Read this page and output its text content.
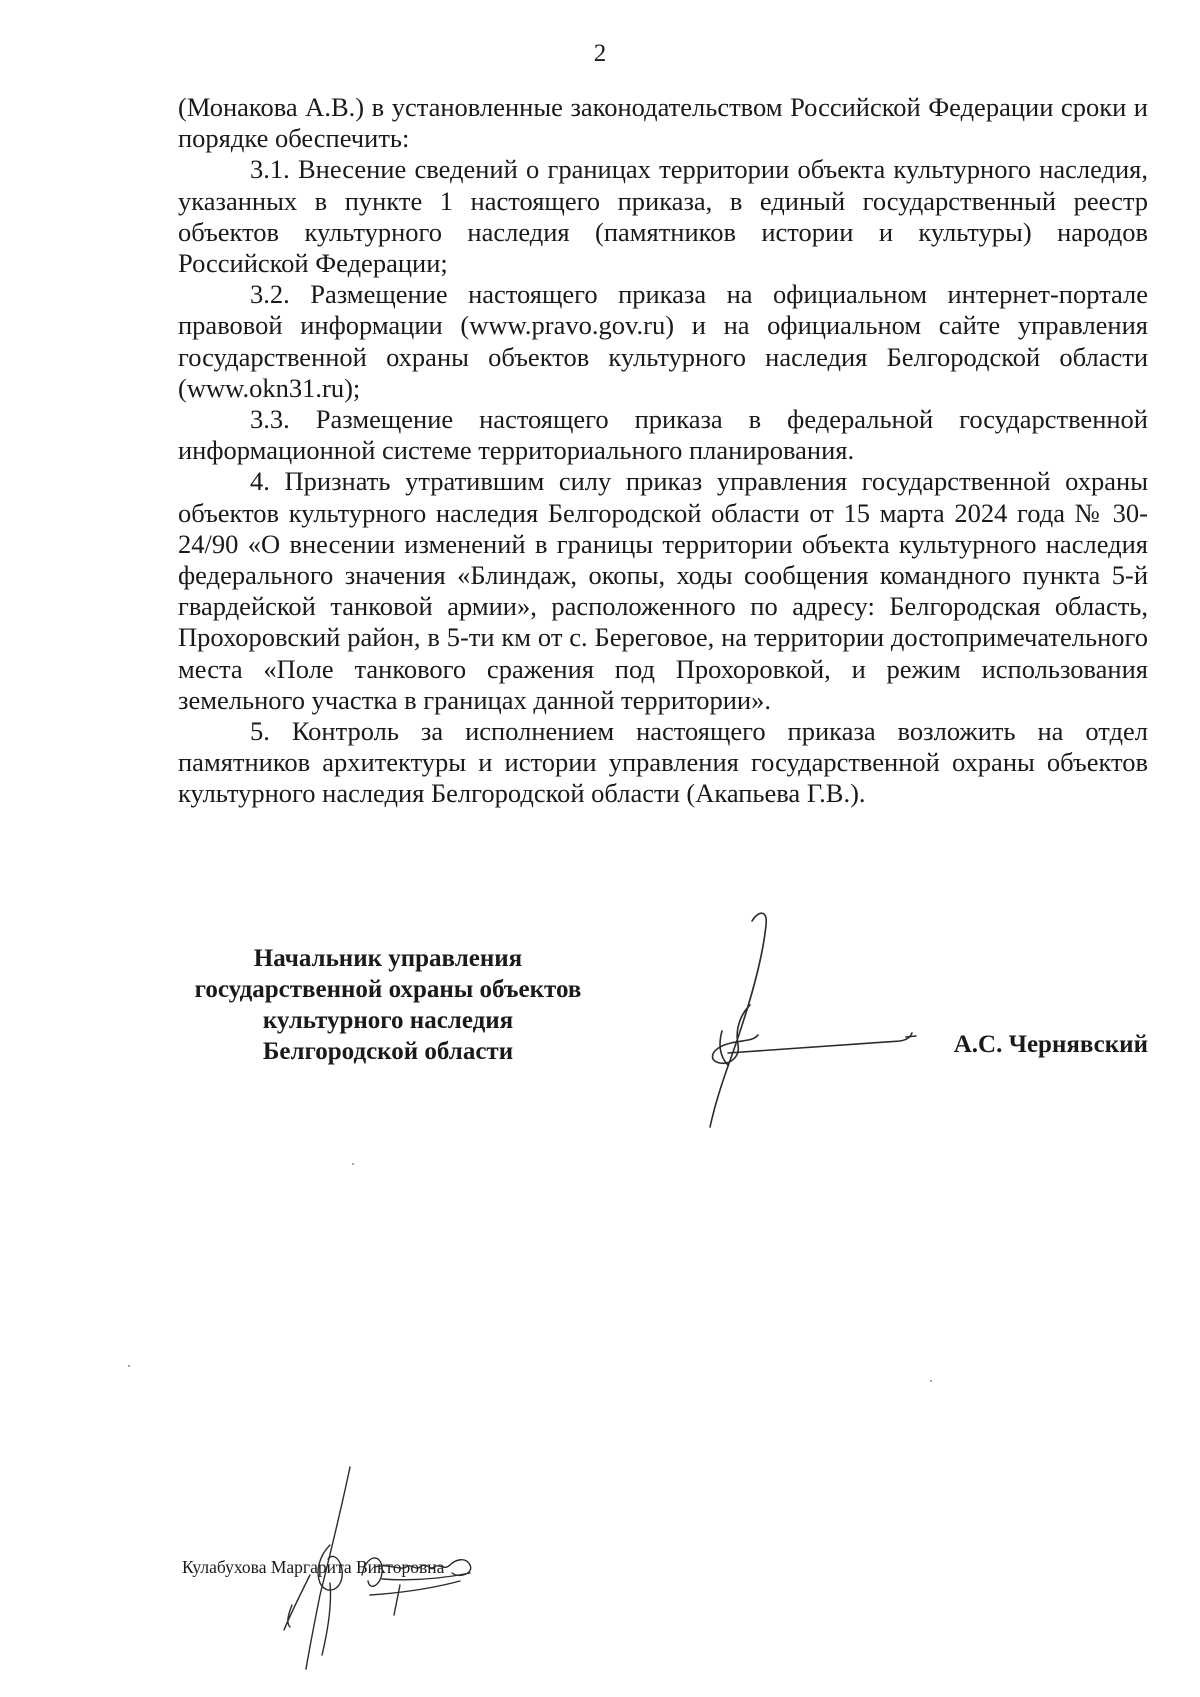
2

(Монакова А.В.) в установленные законодательством Российской Федерации сроки и порядке обеспечить:

3.1. Внесение сведений о границах территории объекта культурного наследия, указанных в пункте 1 настоящего приказа, в единый государственный реестр объектов культурного наследия (памятников истории и культуры) народов Российской Федерации;

3.2. Размещение настоящего приказа на официальном интернет-портале правовой информации (www.pravo.gov.ru) и на официальном сайте управления государственной охраны объектов культурного наследия Белгородской области (www.okn31.ru);

3.3. Размещение настоящего приказа в федеральной государственной информационной системе территориального планирования.

4. Признать утратившим силу приказ управления государственной охраны объектов культурного наследия Белгородской области от 15 марта 2024 года № 30-24/90 «О внесении изменений в границы территории объекта культурного наследия федерального значения «Блиндаж, окопы, ходы сообщения командного пункта 5-й гвардейской танковой армии», расположенного по адресу: Белгородская область, Прохоровский район, в 5-ти км от с. Береговое, на территории достопримечательного места «Поле танкового сражения под Прохоровкой, и режим использования земельного участка в границах данной территории».

5. Контроль за исполнением настоящего приказа возложить на отдел памятников архитектуры и истории управления государственной охраны объектов культурного наследия Белгородской области (Акапьева Г.В.).

Начальник управления
государственной охраны объектов
культурного наследия
Белгородской области	А.С. Чернявский
Кулабухова Маргарита Викторовна
